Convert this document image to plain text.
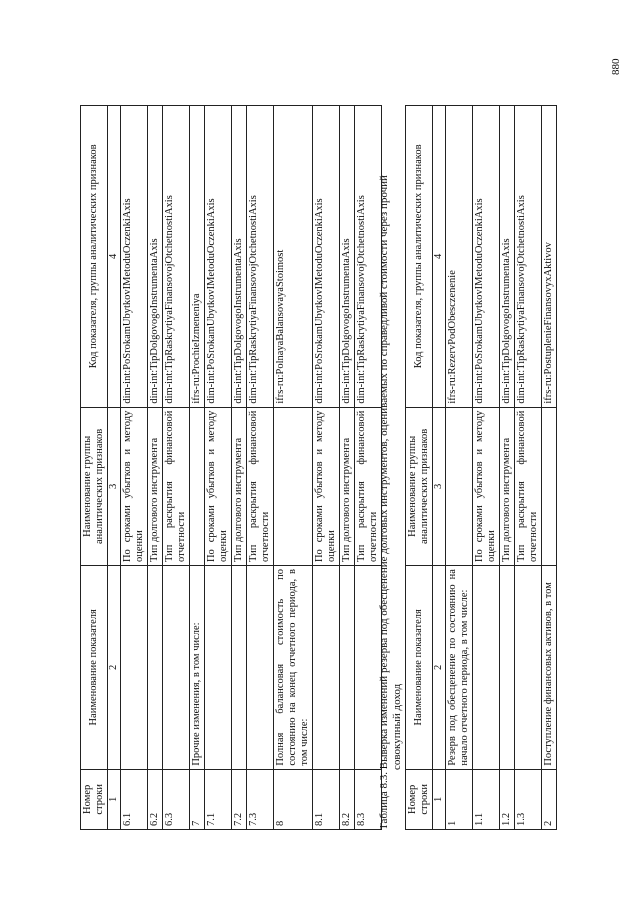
Номер строки	Наименование показателя	Наименование группы аналитических признаков	Код показателя, группы аналитических признаков
1	2	3	4
6.1		По сроками убытков и методу оценки	dim-int:PoSrokamUbytkovIMetoduOczenkiAxis
6.2		Тип долгового инструмента	dim-int:TipDolgovogoInstrumentaAxis
6.3		Тип раскрытия финансовой отчетности	dim-int:TipRaskrytiyaFinansovojOtchetnostiAxis
7	Прочие изменения, в том числе:		ifrs-ru:ProchieIzmeneniya
7.1		По сроками убытков и методу оценки	dim-int:PoSrokamUbytkovIMetoduOczenkiAxis
7.2		Тип долгового инструмента	dim-int:TipDolgovogoInstrumentaAxis
7.3		Тип раскрытия финансовой отчетности	dim-int:TipRaskrytiyaFinansovojOtchetnostiAxis
8	Полная балансовая стоимость по состоянию на конец отчетного периода, в том числе:		ifrs-ru:PolnayaBalansovayaStoimost
8.1		По сроками убытков и методу оценки	dim-int:PoSrokamUbytkovIMetoduOczenkiAxis
8.2		Тип долгового инструмента	dim-int:TipDolgovogoInstrumentaAxis
8.3		Тип раскрытия финансовой отчетности	dim-int:TipRaskrytiyaFinansovojOtchetnostiAxis Таблица 8.3. Выверка изменений резерва под обесценение долговых инструментов, оцениваемых по справедливой стоимости через прочий совокупный доход
Номер строки	Наименование показателя	Наименование группы аналитических признаков	Код показателя, группы аналитических признаков
1	2	3	4
1	Резерв под обесценение по состоянию на начало отчетного периода, в том числе:		ifrs-ru:RezervPodObesczenenie
1.1		По сроками убытков и методу оценки	dim-int:PoSrokamUbytkovIMetoduOczenkiAxis
1.2		Тип долгового инструмента	dim-int:TipDolgovogoInstrumentaAxis
1.3		Тип раскрытия финансовой отчетности	dim-int:TipRaskrytiyaFinansovojOtchetnostiAxis
2	Поступление финансовых активов, в том		ifrs-ru:PostuplenieFinansovyxAktivov
880
